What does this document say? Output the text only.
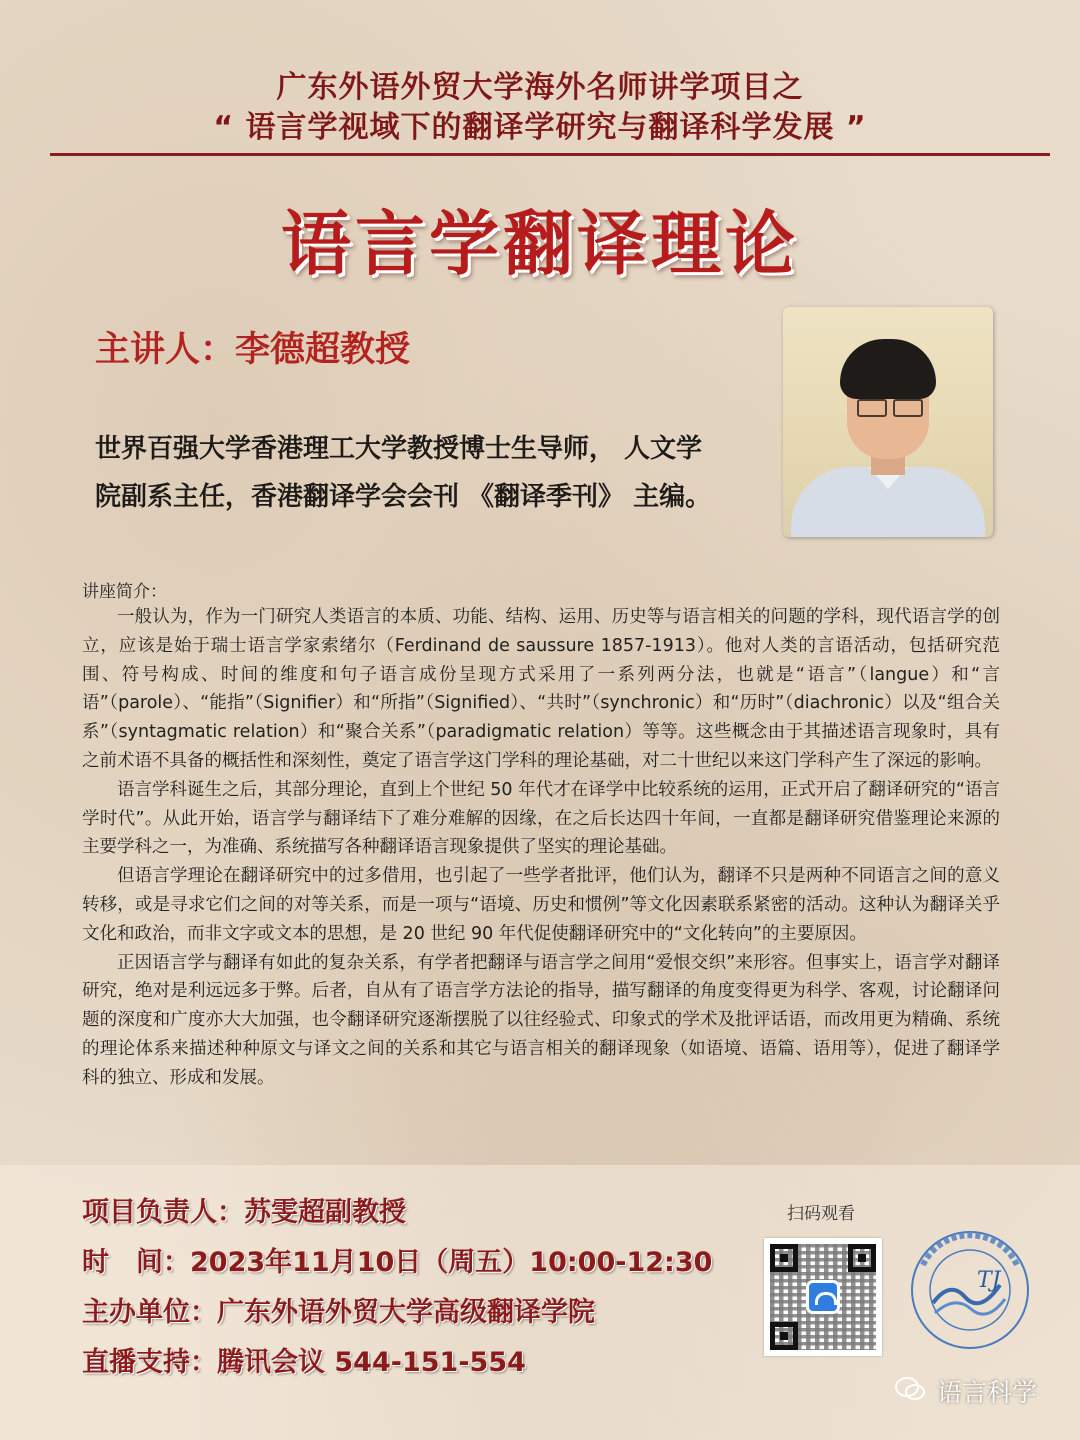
广东外语外贸大学海外名师讲学项目之
“ 语言学视域下的翻译学研究与翻译科学发展 ”
语言学翻译理论
主讲人：李德超教授
世界百强大学香港理工大学教授博士生导师， 人文学
院副系主任，香港翻译学会会刊 《翻译季刊》 主编。
讲座简介：

一般认为，作为一门研究人类语言的本质、功能、结构、运用、历史等与语言相关的问题的学科，现代语言学的创立，应该是始于瑞士语言学家索绪尔（Ferdinand de saussure 1857-1913）。他对人类的言语活动，包括研究范围、符号构成、时间的维度和句子语言成份呈现方式采用了一系列两分法，也就是“语言”（langue）和“言语”（parole）、“能指”（Signifier）和“所指”（Signified）、“共时”（synchronic）和“历时”（diachronic）以及“组合关系”（syntagmatic relation）和“聚合关系”（paradigmatic relation）等等。这些概念由于其描述语言现象时，具有之前术语不具备的概括性和深刻性，奠定了语言学这门学科的理论基础，对二十世纪以来这门学科产生了深远的影响。

语言学科诞生之后，其部分理论，直到上个世纪 50 年代才在译学中比较系统的运用，正式开启了翻译研究的“语言学时代”。从此开始，语言学与翻译结下了难分难解的因缘，在之后长达四十年间，一直都是翻译研究借鉴理论来源的主要学科之一，为准确、系统描写各种翻译语言现象提供了坚实的理论基础。

但语言学理论在翻译研究中的过多借用，也引起了一些学者批评，他们认为，翻译不只是两种不同语言之间的意义转移，或是寻求它们之间的对等关系，而是一项与“语境、历史和惯例”等文化因素联系紧密的活动。这种认为翻译关乎文化和政治，而非文字或文本的思想，是 20 世纪 90 年代促使翻译研究中的“文化转向”的主要原因。

正因语言学与翻译有如此的复杂关系，有学者把翻译与语言学之间用“爱恨交织”来形容。但事实上，语言学对翻译研究，绝对是利远远多于弊。后者，自从有了语言学方法论的指导，描写翻译的角度变得更为科学、客观，讨论翻译问题的深度和广度亦大大加强，也令翻译研究逐渐摆脱了以往经验式、印象式的学术及批评话语，而改用更为精确、系统的理论体系来描述种种原文与译文之间的关系和其它与语言相关的翻译现象（如语境、语篇、语用等），促进了翻译学科的独立、形成和发展。

项目负责人：苏雯超副教授
时　间：2023年11月10日（周五）10:00-12:30
主办单位：广东外语外贸大学高级翻译学院
直播支持：腾讯会议 544-151-554
扫码观看
TJ
语言科学
